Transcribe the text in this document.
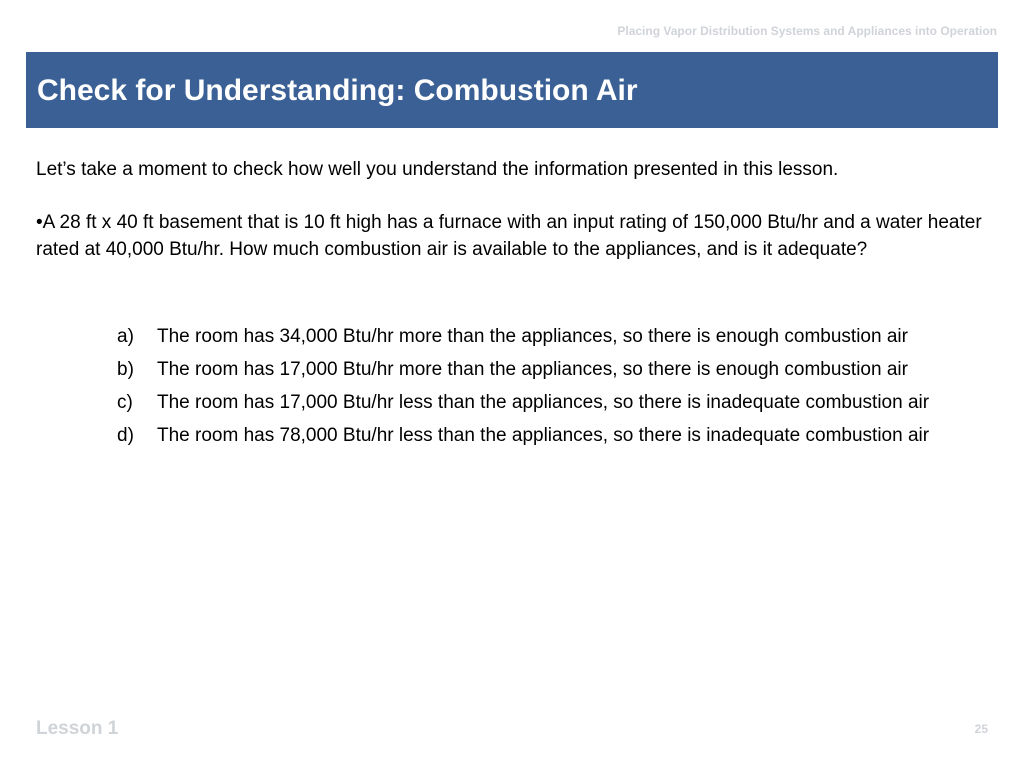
Placing Vapor Distribution Systems and Appliances into Operation
Check for Understanding: Combustion Air
Let’s take a moment to check how well you understand the information presented in this lesson.
•A 28 ft x 40 ft basement that is 10 ft high has a furnace with an input rating of 150,000 Btu/hr and a water heater rated at 40,000 Btu/hr. How much combustion air is available to the appliances, and is it adequate?
a)	The room has 34,000 Btu/hr more than the appliances, so there is enough combustion air
b)	The room has 17,000 Btu/hr more than the appliances, so there is enough combustion air
c)	The room has 17,000 Btu/hr less than the appliances, so there is inadequate combustion air
d)	The room has 78,000 Btu/hr less than the appliances, so there is inadequate combustion air
Lesson 1	25
